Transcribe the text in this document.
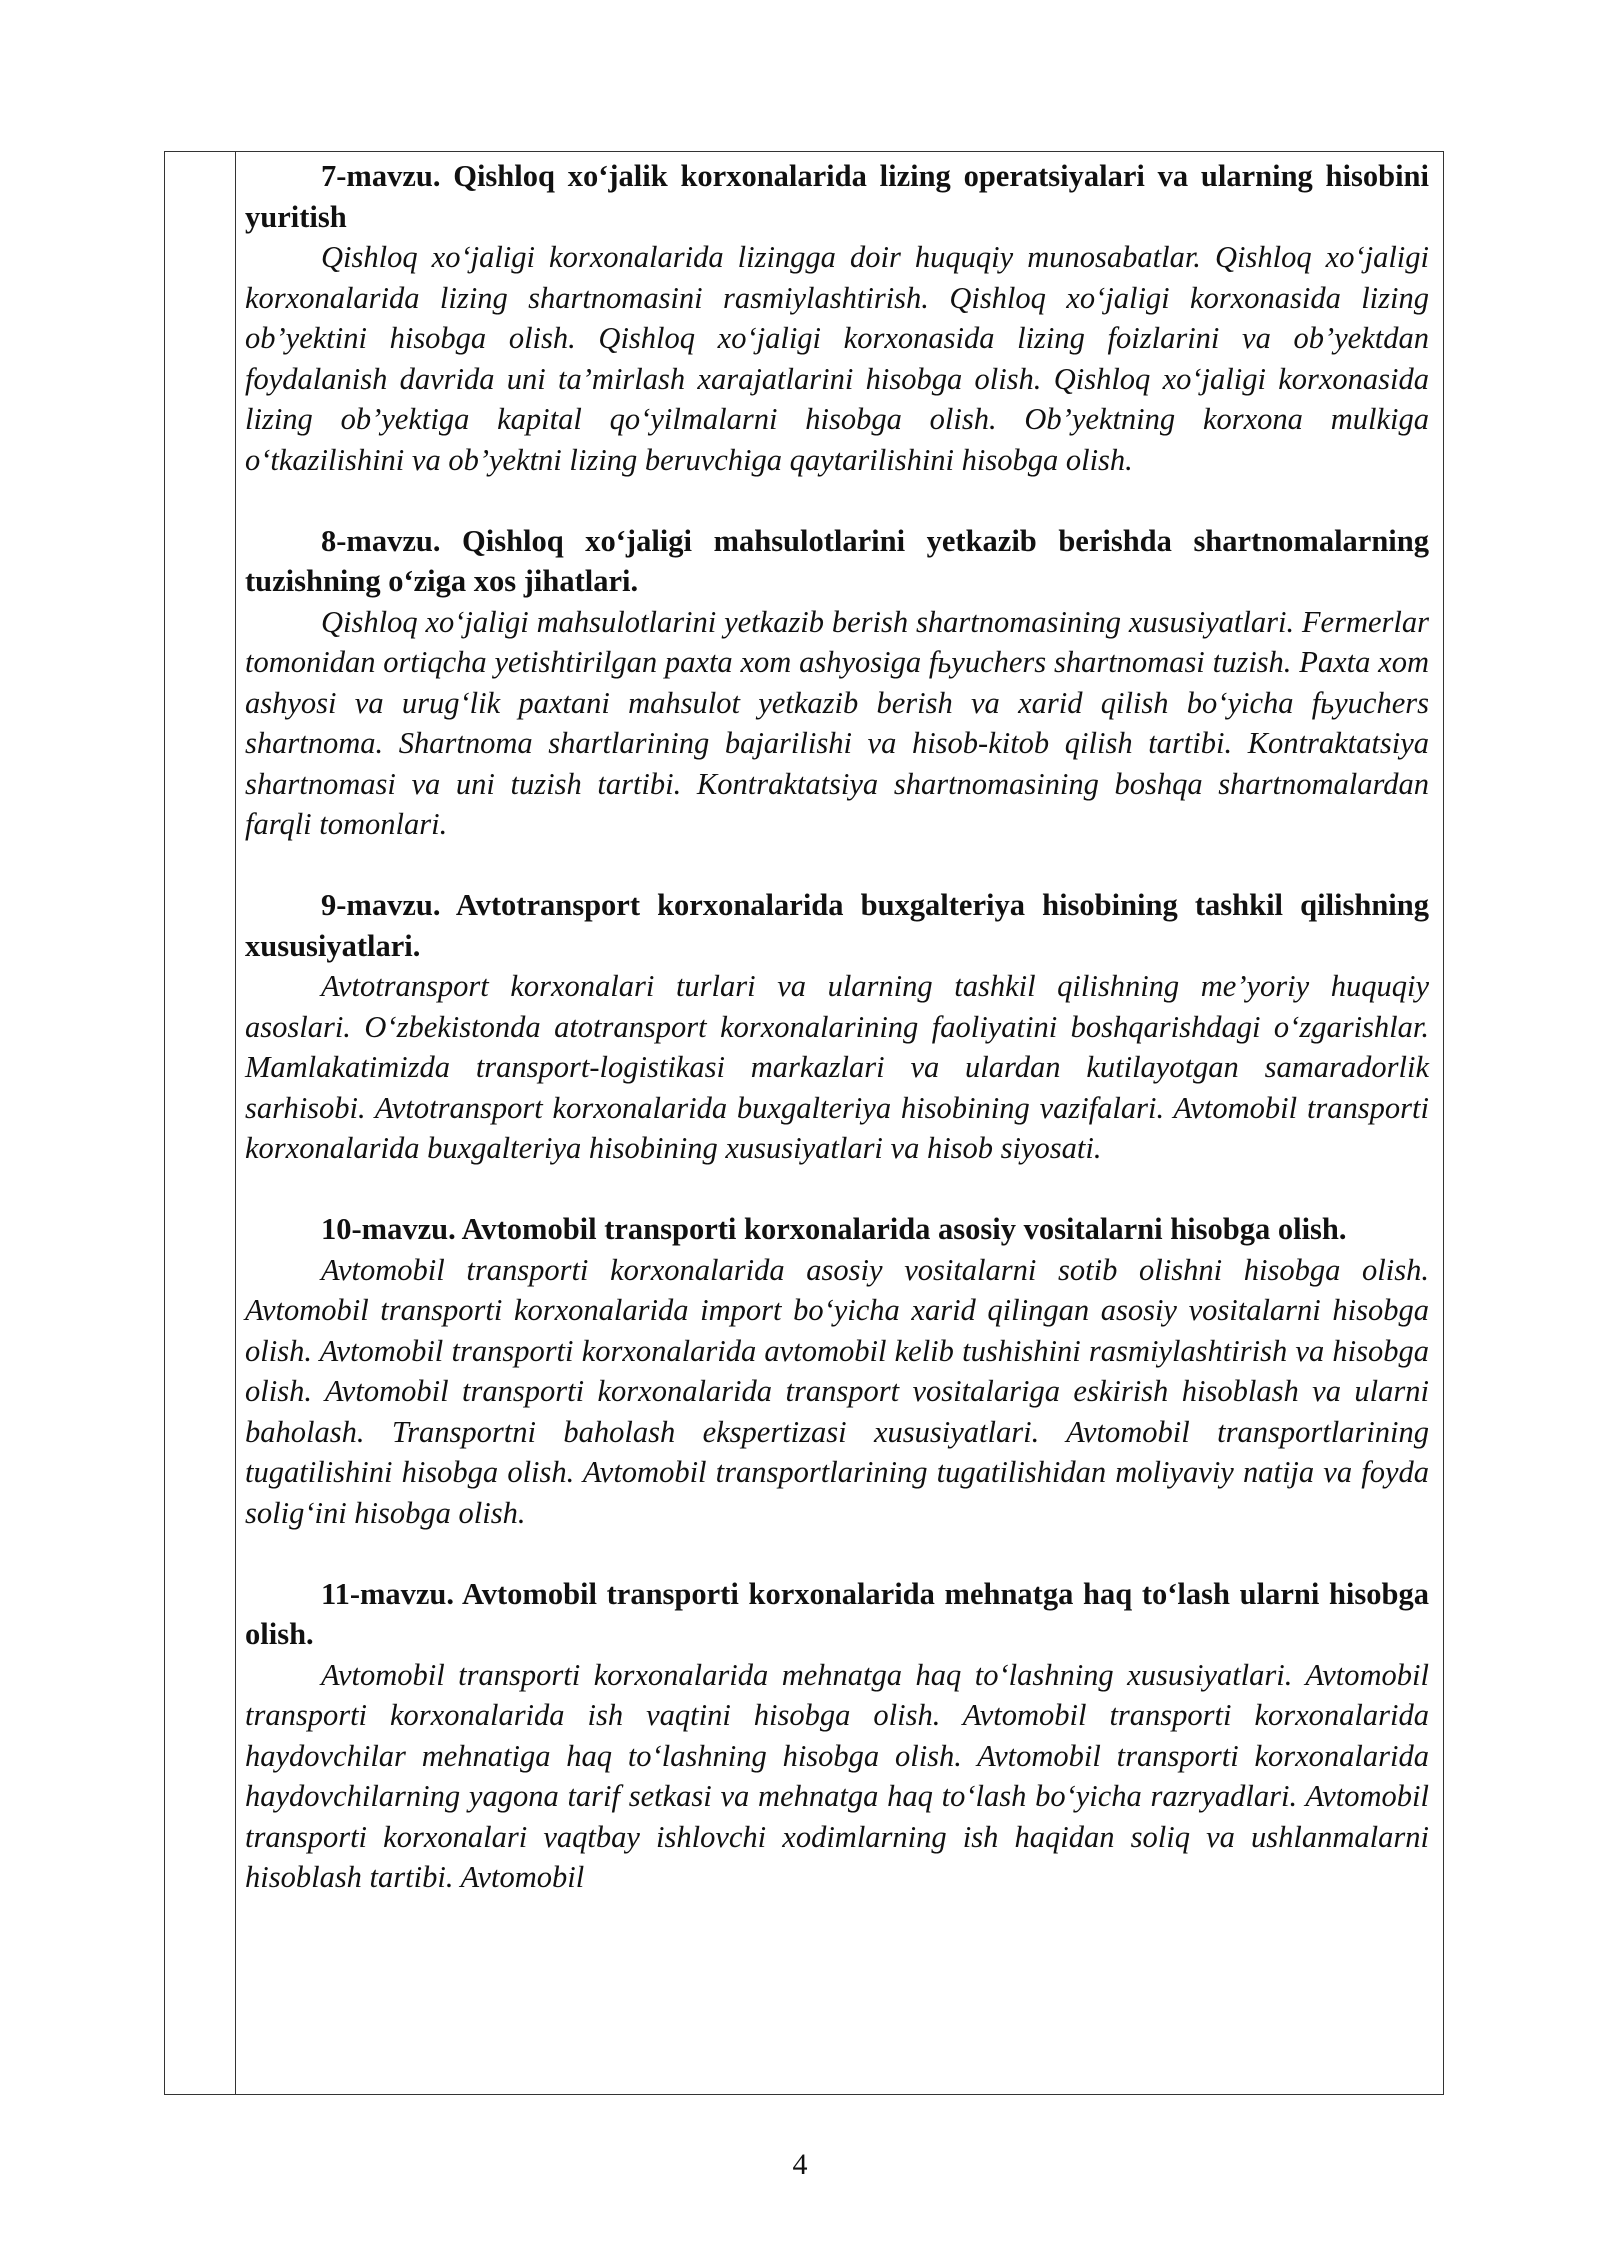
7-mavzu. Qishloq xo‘jalik korxonalarida lizing operatsiyalari va ularning hisobini yuritish

Qishloq xo‘jaligi korxonalarida lizingga doir huquqiy munosabatlar. Qishloq xo‘jaligi korxonalarida lizing shartnomasini rasmiylashtirish. Qishloq xo‘jaligi korxonasida lizing ob’yektini hisobga olish. Qishloq xo‘jaligi korxonasida lizing foizlarini va ob’yektdan foydalanish davrida uni ta’mirlash xarajatlarini hisobga olish. Qishloq xo‘jaligi korxonasida lizing ob’yektiga kapital qo‘yilmalarni hisobga olish. Ob’yektning korxona mulkiga o‘tkazilishini va ob’yektni lizing beruvchiga qaytarilishini hisobga olish.

8-mavzu. Qishloq xo‘jaligi mahsulotlarini yetkazib berishda shartnomalarning tuzishning o‘ziga xos jihatlari.

Qishloq xo‘jaligi mahsulotlarini yetkazib berish shartnomasining xususiyatlari. Fermerlar tomonidan ortiqcha yetishtirilgan paxta xom ashyosiga fьyuchers shartnomasi tuzish. Paxta xom ashyosi va urug‘lik paxtani mahsulot yetkazib berish va xarid qilish bo‘yicha fьyuchers shartnoma. Shartnoma shartlarining bajarilishi va hisob-kitob qilish tartibi. Kontraktatsiya shartnomasi va uni tuzish tartibi. Kontraktatsiya shartnomasining boshqa shartnomalardan farqli tomonlari.

9-mavzu. Avtotransport korxonalarida buxgalteriya hisobining tashkil qilishning xususiyatlari.

Avtotransport korxonalari turlari va ularning tashkil qilishning me’yoriy huquqiy asoslari. O‘zbekistonda atotransport korxonalarining faoliyatini boshqarishdagi o‘zgarishlar. Mamlakatimizda transport-logistikasi markazlari va ulardan kutilayotgan samaradorlik sarhisobi. Avtotransport korxonalarida buxgalteriya hisobining vazifalari. Avtomobil transporti korxonalarida buxgalteriya hisobining xususiyatlari va hisob siyosati.

10-mavzu. Avtomobil transporti korxonalarida asosiy vositalarni hisobga olish.

Avtomobil transporti korxonalarida asosiy vositalarni sotib olishni hisobga olish. Avtomobil transporti korxonalarida import bo‘yicha xarid qilingan asosiy vositalarni hisobga olish. Avtomobil transporti korxonalarida avtomobil kelib tushishini rasmiylashtirish va hisobga olish. Avtomobil transporti korxonalarida transport vositalariga eskirish hisoblash va ularni baholash. Transportni baholash ekspertizasi xususiyatlari. Avtomobil transportlarining tugatilishini hisobga olish. Avtomobil transportlarining tugatilishidan moliyaviy natija va foyda solig‘ini hisobga olish.

11-mavzu. Avtomobil transporti korxonalarida mehnatga haq to‘lash ularni hisobga olish.

Avtomobil transporti korxonalarida mehnatga haq to‘lashning xususiyatlari. Avtomobil transporti korxonalarida ish vaqtini hisobga olish. Avtomobil transporti korxonalarida haydovchilar mehnatiga haq to‘lashning hisobga olish. Avtomobil transporti korxonalarida haydovchilarning yagona tarif setkasi va mehnatga haq to‘lash bo‘yicha razryadlari. Avtomobil transporti korxonalari vaqtbay ishlovchi xodimlarning ish haqidan soliq va ushlanmalarni hisoblash tartibi. Avtomobil

4
